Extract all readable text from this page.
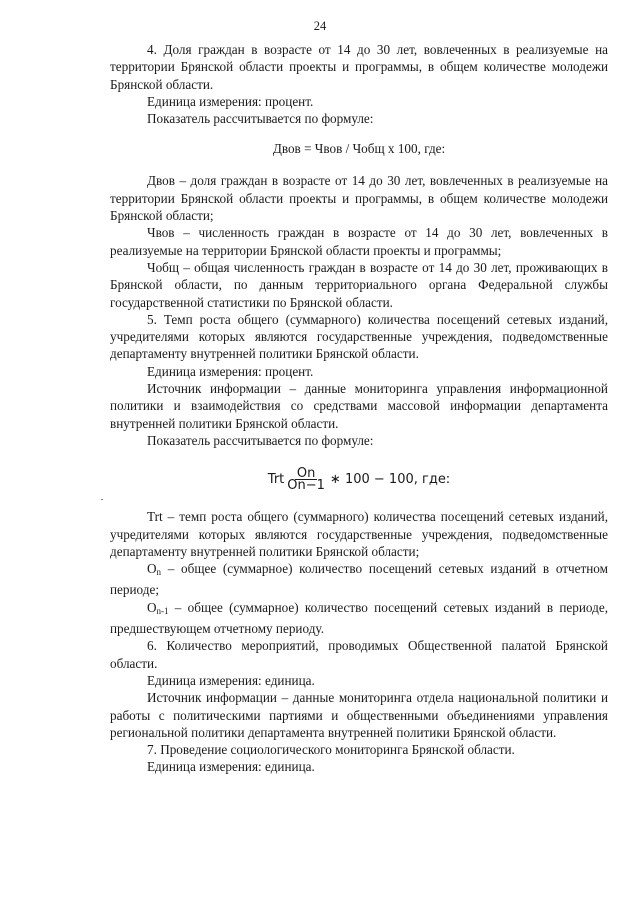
24

4. Доля граждан в возрасте от 14 до 30 лет, вовлеченных в реализуемые на территории Брянской области проекты и программы, в общем количестве молодежи Брянской области.

Единица измерения: процент.

Показатель рассчитывается по формуле:

Двов = Чвов / Чобщ х 100, где:

Двов – доля граждан в возрасте от 14 до 30 лет, вовлеченных в реализуемые на территории Брянской области проекты и программы, в общем количестве молодежи Брянской области;

Чвов – численность граждан в возрасте от 14 до 30 лет, вовлеченных в реализуемые на территории Брянской области проекты и программы;

Чобщ – общая численность граждан в возрасте от 14 до 30 лет, проживающих в Брянской области, по данным территориального органа Федеральной службы государственной статистики по Брянской области.

5. Темп роста общего (суммарного) количества посещений сетевых изданий, учредителями которых являются государственные учреждения, подведомственные департаменту внутренней политики Брянской области.

Единица измерения: процент.

Источник информации – данные мониторинга управления информационной политики и взаимодействия со средствами массовой информации департамента внутренней политики Брянской области.

Показатель рассчитывается по формуле:

Trt $\frac{On}{On-1}$ ∗ 100 − 100, где:

Trt – темп роста общего (суммарного) количества посещений сетевых изданий, учредителями которых являются государственные учреждения, подведомственные департаменту внутренней политики Брянской области;

$О_n$ – общее (суммарное) количество посещений сетевых изданий в отчетном периоде;

$О_{n-1}$ – общее (суммарное) количество посещений сетевых изданий в периоде, предшествующем отчетному периоду.

6. Количество мероприятий, проводимых Общественной палатой Брянской области.

Единица измерения: единица.

Источник информации – данные мониторинга отдела национальной политики и работы с политическими партиями и общественными объединениями управления региональной политики департамента внутренней политики Брянской области.

7. Проведение социологического мониторинга Брянской области.

Единица измерения: единица.
